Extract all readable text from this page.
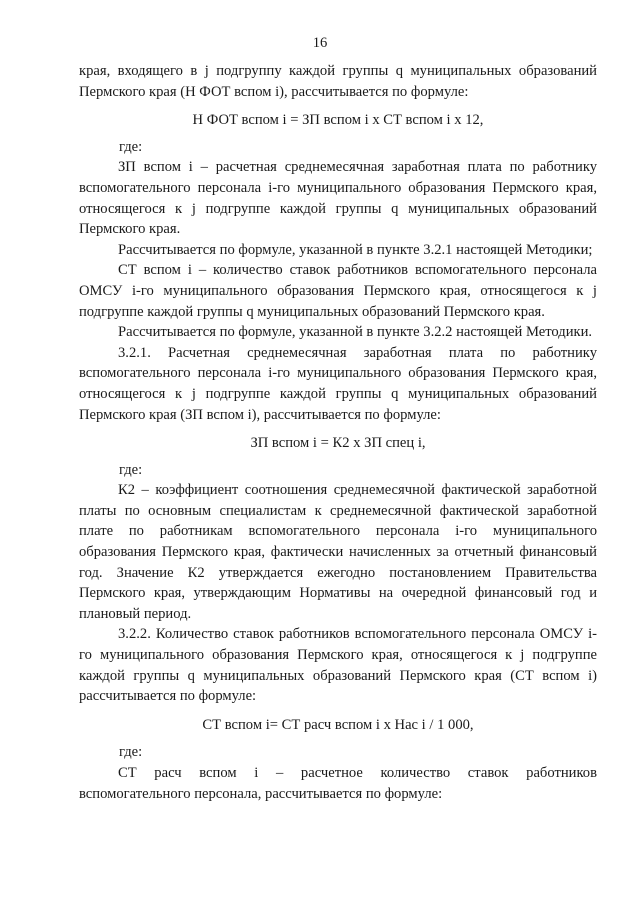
16

края, входящего в j подгруппу каждой группы q муниципальных образований Пермского края (Н ФОТ вспом i), рассчитывается по формуле:

Н ФОТ вспом i = ЗП вспом i х СТ вспом i х 12,

где:

ЗП вспом i – расчетная среднемесячная заработная плата по работнику вспомогательного персонала i-го муниципального образования Пермского края, относящегося к j подгруппе каждой группы q муниципальных образований Пермского края.

Рассчитывается по формуле, указанной в пункте 3.2.1 настоящей Методики;

СТ вспом i – количество ставок работников вспомогательного персонала ОМСУ i-го муниципального образования Пермского края, относящегося к j подгруппе каждой группы q муниципальных образований Пермского края.

Рассчитывается по формуле, указанной в пункте 3.2.2 настоящей Методики.

3.2.1. Расчетная среднемесячная заработная плата по работнику вспомогательного персонала i-го муниципального образования Пермского края, относящегося к j подгруппе каждой группы q муниципальных образований Пермского края (ЗП вспом i), рассчитывается по формуле:

ЗП вспом i = К2 х ЗП спец i,

где:

К2 – коэффициент соотношения среднемесячной фактической заработной платы по основным специалистам к среднемесячной фактической заработной плате по работникам вспомогательного персонала i-го муниципального образования Пермского края, фактически начисленных за отчетный финансовый год. Значение К2 утверждается ежегодно постановлением Правительства Пермского края, утверждающим Нормативы на очередной финансовый год и плановый период.

3.2.2. Количество ставок работников вспомогательного персонала ОМСУ i-го муниципального образования Пермского края, относящегося к j подгруппе каждой группы q муниципальных образований Пермского края (СТ вспом i) рассчитывается по формуле:

СТ вспом i= СТ расч вспом i х Нас i / 1 000,

где:

СТ расч вспом i – расчетное количество ставок работников вспомогательного персонала, рассчитывается по формуле:
